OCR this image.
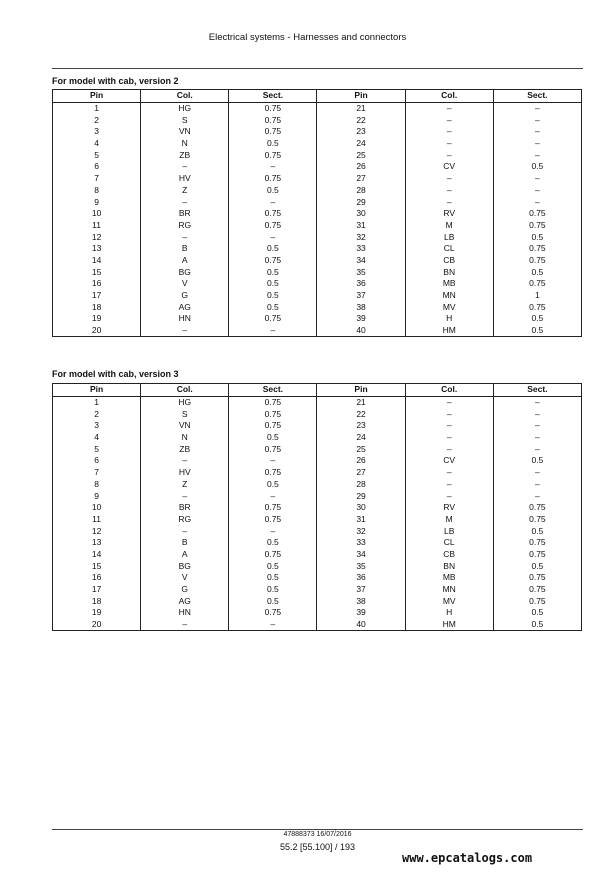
Electrical systems - Harnesses and connectors
For model with cab, version 2
Pin	Col.	Sect.	Pin	Col.	Sect.
1	HG	0.75	21	–	–
2	S	0.75	22	–	–
3	VN	0.75	23	–	–
4	N	0.5	24	–	–
5	ZB	0.75	25	–	–
6	–	–	26	CV	0.5
7	HV	0.75	27	–	–
8	Z	0.5	28	–	–
9	–	–	29	–	–
10	BR	0.75	30	RV	0.75
11	RG	0.75	31	M	0.75
12	–	–	32	LB	0.5
13	B	0.5	33	CL	0.75
14	A	0.75	34	CB	0.75
15	BG	0.5	35	BN	0.5
16	V	0.5	36	MB	0.75
17	G	0.5	37	MN	1
18	AG	0.5	38	MV	0.75
19	HN	0.75	39	H	0.5
20	–	–	40	HM	0.5
For model with cab, version 3
Pin	Col.	Sect.	Pin	Col.	Sect.
1	HG	0.75	21	–	–
2	S	0.75	22	–	–
3	VN	0.75	23	–	–
4	N	0.5	24	–	–
5	ZB	0.75	25	–	–
6	–	–	26	CV	0.5
7	HV	0.75	27	–	–
8	Z	0.5	28	–	–
9	–	–	29	–	–
10	BR	0.75	30	RV	0.75
11	RG	0.75	31	M	0.75
12	–	–	32	LB	0.5
13	B	0.5	33	CL	0.75
14	A	0.75	34	CB	0.75
15	BG	0.5	35	BN	0.5
16	V	0.5	36	MB	0.75
17	G	0.5	37	MN	0.75
18	AG	0.5	38	MV	0.75
19	HN	0.75	39	H	0.5
20	–	–	40	HM	0.5
47888373 16/07/2016
55.2 [55.100] / 193
www.epcatalogs.com
